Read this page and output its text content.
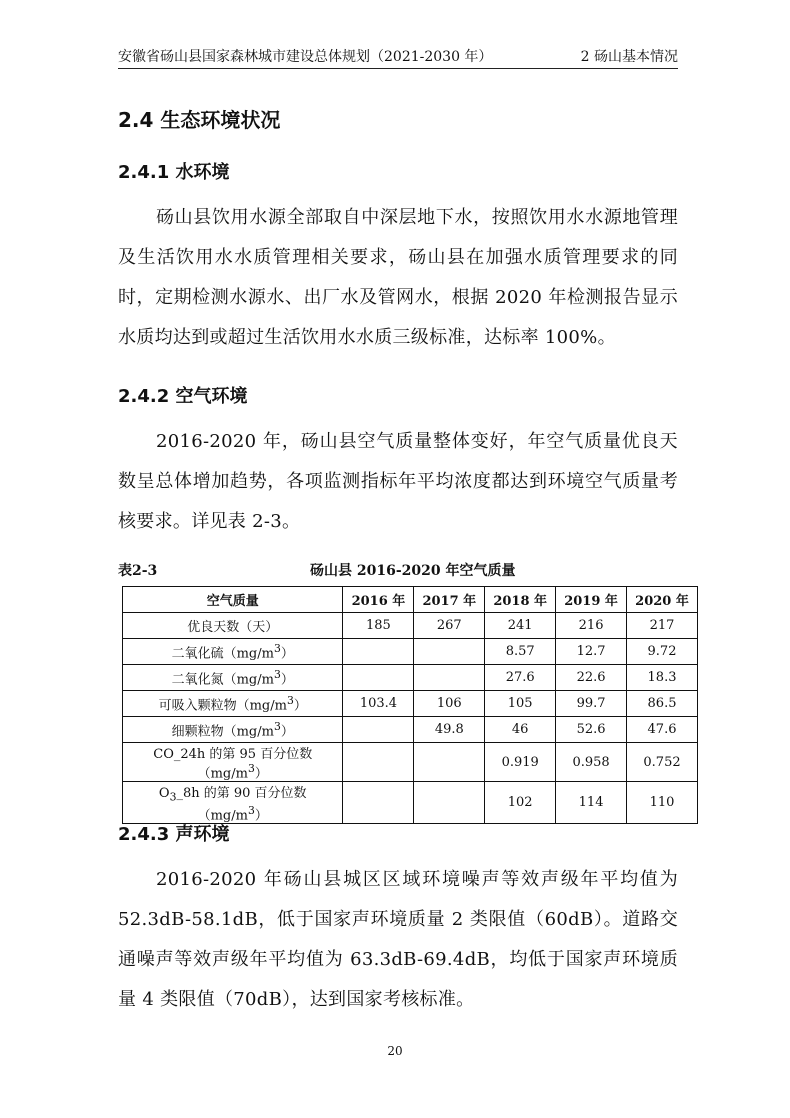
安徽省砀山县国家森林城市建设总体规划（2021-2030 年）	2 砀山基本情况
2.4 生态环境状况
2.4.1 水环境
砀山县饮用水源全部取自中深层地下水，按照饮用水水源地管理及生活饮用水水质管理相关要求，砀山县在加强水质管理要求的同时，定期检测水源水、出厂水及管网水，根据 2020 年检测报告显示水质均达到或超过生活饮用水水质三级标准，达标率 100%。
2.4.2 空气环境
2016-2020 年，砀山县空气质量整体变好，年空气质量优良天数呈总体增加趋势，各项监测指标年平均浓度都达到环境空气质量考核要求。详见表 2-3。
表2-3	砀山县 2016-2020 年空气质量
空气质量	2016 年	2017 年	2018 年	2019 年	2020 年
优良天数（天）	185	267	241	216	217
二氧化硫$(mg/m^3)$			8.57	12.7	9.72
二氧化氮$(mg/m^3)$			27.6	22.6	18.3
可吸入颗粒物$(mg/m^3)$	103.4	106	105	99.7	86.5
细颗粒物$(mg/m^3)$		49.8	46	52.6	47.6
CO_24h 的第 95 百分位数$(mg/m^3)$			0.919	0.958	0.752
$O_3\_8h$ 的第 90 百分位数$(mg/m^3)$			102	114	110
2.4.3 声环境
2016-2020 年砀山县城区区域环境噪声等效声级年平均值为 52.3dB-58.1dB，低于国家声环境质量 2 类限值（60dB）。道路交通噪声等效声级年平均值为 63.3dB-69.4dB，均低于国家声环境质量 4 类限值（70dB），达到国家考核标准。
20
